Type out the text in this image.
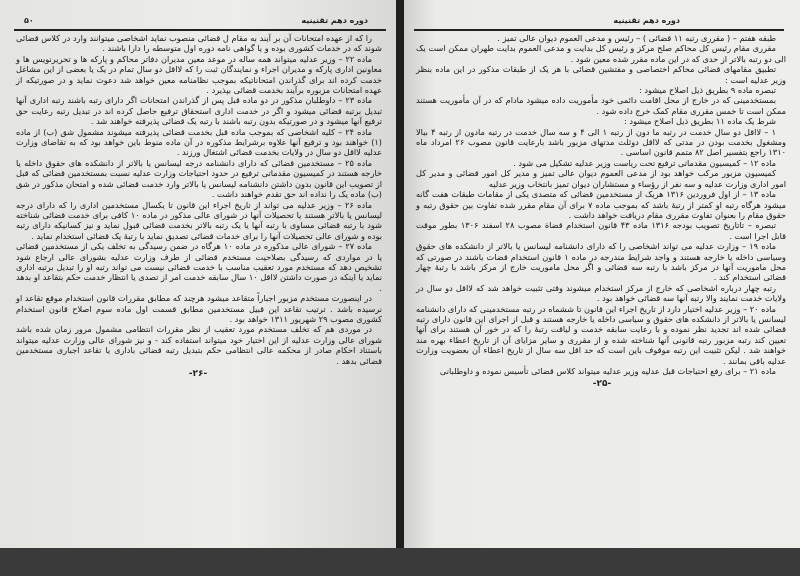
۵۰	دوره دهم تقنینیه

را که از عهده امتحانات آن بر آیند به مقام ل قضائی منصوب نماید اشخاصی میتوانند وارد در کلاس قضائی شوند که در خدمات کشوری بوده و یا گواهی نامه دوره اول متوسطه را دارا باشند .

ماده ۲۲ – وزیر عدلیه میتواند همه ساله در موعد معین مدیران دفاتر محاکم و پارکه ها و تحریرنویس ها و معاونین اداری پارکه و مدیران اجراء و نمایندگان ثبت را که لااقل دو سال تمام در یک یا بعضی از این مشاغل خدمت کرده اند برای گذراندن امتحاناتیکه بموجب نظامنامه معین خواهد شد دعوت نماید و در صورتیکه از عهده امتحانات مزبوره برآیند بخدمت قضائی بپذیرد .

ماده ۲۳ – داوطلبان مذکور در دو ماده قبل پس از گذراندن امتحانات اگر دارای رتبه باشند رتبه اداری آنها تبدیل برتبه قضائی میشود و اگر در خدمت اداری استحقاق ترفیع حاصل کرده اند در تبدیل رتبه رعایت حق ترفیع آنها میشود و در صورتیکه بدون رتبه باشند با رتبه یک قضائی پذیرفته خواهند شد .

ماده ۲۴ – کلیه اشخاصی که بموجب ماده قبل بخدمت قضائی پذیرفته میشوند مشمول شق (ب) از ماده (۱) خواهند بود و ترفیع آنها علاوه برشرایط مذکوره در آن ماده منوط باین خواهد بود که به تقاضای وزارت عدلیه لااقل دو سال در ولایات بخدمت قضائی اشتغال ورزند .

ماده ۲۵ – مستخدمین قضائی که دارای دانشنامه درجه لیسانس یا بالاتر از دانشکده های حقوق داخله یا خارجه هستند در کمیسیون مقدماتی ترفیع در حدود احتیاجات وزارت عدلیه نسبت بمستخدمین قضائی که قبل از تصویب این قانون بدون داشتن دانشنامه لیسانس یا بالاتر وارد خدمت قضائی شده و امتحان مذکور در شق (ب) ماده یک را نداده اند حق تقدم خواهند داشت .

ماده ۲۶ – وزیر عدلیه می تواند از تاریخ اجراء این قانون تا یکسال مستخدمین اداری را که دارای درجه لیسانس یا بالاتر هستند یا تحصیلات آنها در شورای عالی مذکور در ماده ۱۰ کافی برای خدمت قضائی شناخته شود با رتبه قضائی مساوی با رتبه آنها یا یک رتبه بالاتر بخدمت قضائی قبول نماید و نیز کسانیکه دارای رتبه بوده و شورای عالی تحصیلات آنها را برای خدمات قضائی تصدیق نماید با رتبهٔ یک قضائی استخدام نماید .

ماده ۲۷ – شورای عالی مذکوره در ماده ۱۰ هرگاه در ضمن رسیدگی به تخلف یکی از مستخدمین قضائی یا در مواردی که رسیدگی بصلاحیت مستخدم قضائی از طرف وزارت عدلیه بشورای عالی ارجاع شود تشخیص دهد که مستخدم مورد تعقیب مناسب با خدمت قضائی نیست می تواند رتبه او را تبدیل برتبه اداری نماید یا اینکه در صورت داشتن لااقل ۱۰ سال سابقه خدمت امر از تصدی یا انتظار خدمت حکم بتقاعد او بدهد .

در اینصورت مستخدم مزبور اجباراً متقاعد میشود هرچند که مطابق مقررات قانون استخدام موقع تقاعد او نرسیده باشد . ترتیب تقاعد این قبیل مستخدمین مطابق قسمت اول ماده سوم اصلاح قانون استخدام کشوری مصوب ۲۹ شهریور ۱۳۱۱ خواهد بود .

در موردی هم که تخلف مستخدم مورد تعقیب از نظر مقررات انتظامی مشمول مرور زمان شده باشد شورای عالی وزارت عدلیه از این اختیار خود میتواند استفاده کند - و نیز شورای عالی وزارت عدلیه میتواند باستناد احکام صادر از محکمه عالی انتظامی حکم بتبدیل رتبه قضائی باداری یا تقاعد اجباری مستخدمین قضائی بدهد .

-۲۶-
دوره دهم تقنینیه

طبقه هفتم – ( مقرری رتبه ۱۱ قضائی ) – رئیس و مدعی العموم دیوان عالی تمیز .

مقرری مقام رئیس کل محاکم صلح مرکز و رئیس کل بدایت و مدعی العموم بدایت طهران ممکن است یک الی دو رتبه بالاتر از حدی که در این ماده مقرر شده معین شود .

تطبیق مقامهای قضائی محاکم اختصاصی و مفتشین قضائی با هر یک از طبقات مذکور در این ماده بنظر وزیر عدلیه است :

تبصره ماده ۹ بطریق ذیل اصلاح میشود :

بمستخدمینی که در خارج از محل اقامت دائمی خود مأموریت داده میشود مادام که در آن مأموریت هستند ممکن است تا خمس مقرری مقام کمک خرج داده شود .

شرط یک ماده ۱۱ بطریق ذیل اصلاح میشود :

۱ – لااقل دو سال خدمت در رتبه ما دون از رتبه ۱ الی ۴ و سه سال خدمت در رتبه مادون از رتبه ۴ ببالا ومشغول بخدمت بودن در مدتی که لااقل دوثلث مدتهای مزبور باشد بارعایت قانون مصوب ۲۶ امرداد ماه ۱۳۱۰ راجع بتفسیر اصل ۸۲ متمم قانون اساسی .

ماده ۱۲ – کمیسیون مقدماتی ترفیع تحت ریاست وزیر عدلیه تشکیل می شود .

کمیسیون مزبور مرکب خواهد بود از مدعی العموم دیوان عالی تمیز و مدیر کل امور قضائی و مدیر کل امور اداری وزارت عدلیه و سه نفر از رؤساء و مستشاران دیوان تمیز بانتخاب وزیر عدلیه

ماده ۱۳ – از اول فروردین ۱۳۱۶ هریک از مستخدمین قضائی که متصدی یکی از مقامات طبقات هفت گانه میشود هرگاه رتبه او کمتر از رتبهٔ باشد که بموجب ماده ۷ برای آن مقام مقرر شده تفاوت بین حقوق رتبه و حقوق مقام را بعنوان تفاوت مقرری مقام دریافت خواهد داشت .

تبصره – تاتاریخ تصویب بودجه ۱۳۱۶ ماده ۴۳ قانون استخدام قضاة مصوب ۲۸ اسفند ۱۳۰۶ بطور موقت قابل اجرا است .

ماده ۱۹ – وزارت عدلیه می تواند اشخاصی را که دارای دانشنامه لیسانس یا بالاتر از دانشکده های حقوق وسیاسی داخله یا خارجه هستند و واجد شرایط مندرجه در ماده ۱ قانون استخدام قضات باشند در صورتی که محل ماموریت آنها در مرکز باشد با رتبه سه قضائی و اگر محل ماموریت خارج از مرکز باشد با رتبهٔ چهار قضائی استخدام کند .

رتبه چهار درباره اشخاصی که خارج از مرکز استخدام میشوند وقتی تثبیت خواهد شد که لااقل دو سال در ولایات خدمت نمایند والا رتبه آنها سه قضائی خواهد بود .

ماده ۲۰ – وزیر عدلیه اختیار دارد از تاریخ اجراء این قانون تا ششماه در رتبه مستخدمینی که دارای دانشنامه لیسانس یا بالاتر از دانشکده های حقوق و سیاسی داخله یا خارجه هستند و قبل از اجرای این قانون دارای رتبه قضائی شده اند تجدید نظر نموده و با رعایت سابقه خدمت و لیاقت رتبهٔ را که در خور آن هستند برای آنها تعیین کند رتبه مزبور رتبه قانونی آنها شناخته شده و از مقرری و سایر مزایای آن از تاریخ اعطاء بهره مند خواهند شد . لیکن تثبیت این رتبه موقوف باین است که حد اقل سه سال از تاریخ اعطاء آن بعضویت وزارت عدلیه باقی بمانند .

ماده ۲۱ – برای رفع احتیاجات قبل عدلیه وزیر عدلیه میتواند کلاس قضائی تأسیس نموده و داوطلبانی

-۲۵-
